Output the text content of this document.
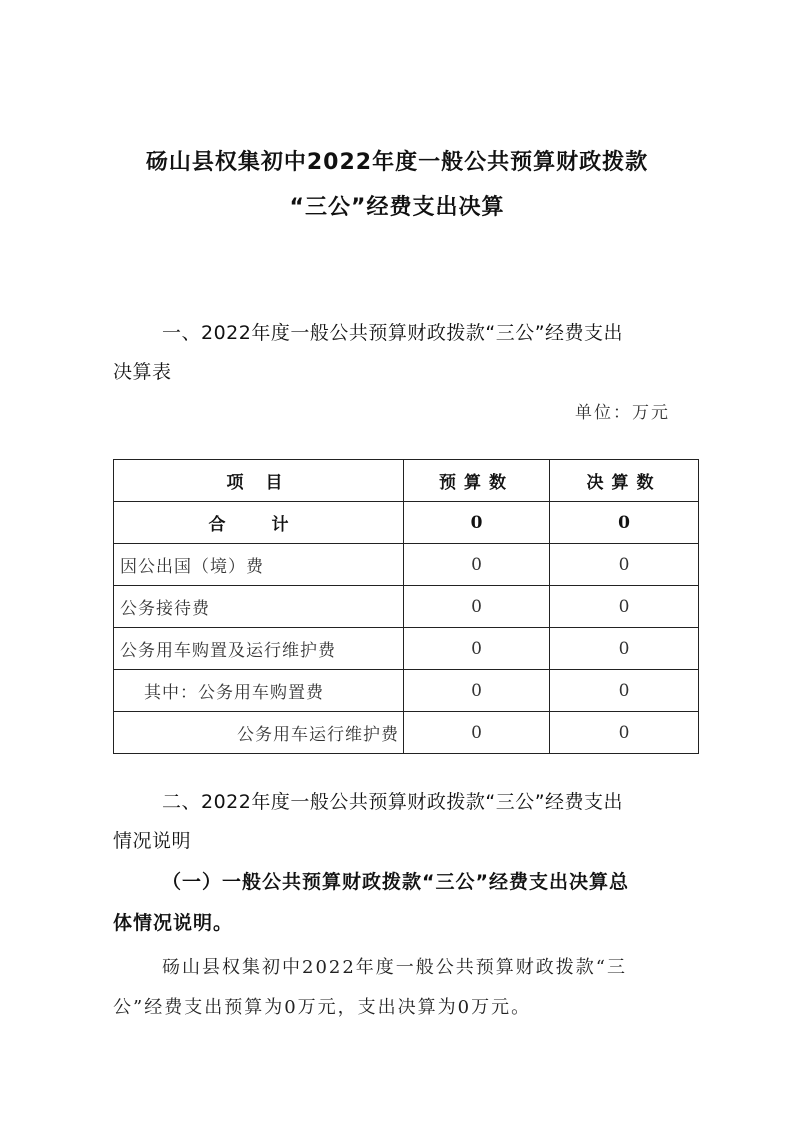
砀山县权集初中2022年度一般公共预算财政拨款
“三公”经费支出决算
一、2022年度一般公共预算财政拨款“三公”经费支出
决算表
单位：万元
项 目	预算数	决算数
合 计	0	0
因公出国（境）费	0	0
公务接待费	0	0
公务用车购置及运行维护费	0	0
其中：公务用车购置费	0	0
公务用车运行维护费	0	0
二、2022年度一般公共预算财政拨款“三公”经费支出
情况说明
（一）一般公共预算财政拨款“三公”经费支出决算总
体情况说明。
砀山县权集初中2022年度一般公共预算财政拨款“三
公”经费支出预算为0万元，支出决算为0万元。
